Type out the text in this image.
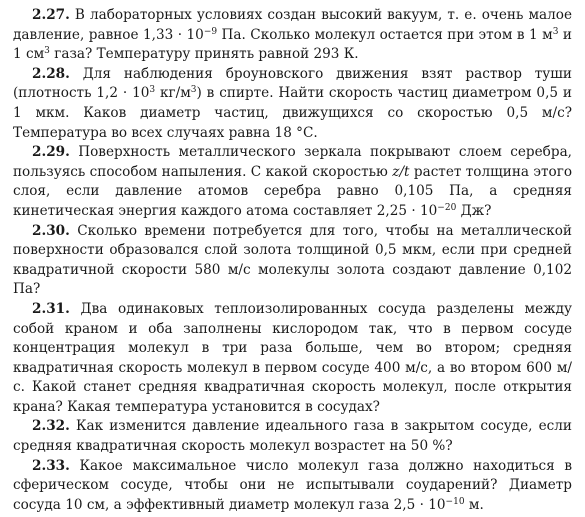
2.27. В лабораторных условиях создан высокий вакуум, т. е. очень малое давление, равное $1,33 \cdot 10^{-9}$ Па. Сколько молекул остается при этом в 1 $м^3$ и 1 $см^3$ газа? Температуру принять равной 293 К.

2.28. Для наблюдения броуновского движения взят раствор туши (плотность $1,2 \cdot 10^3$ $кг/м^3$) в спирте. Найти скорость частиц диаметром 0,5 и 1 мкм. Каков диаметр частиц, движущихся со скоростью 0,5 м/с? Температура во всех случаях равна 18 °С.

2.29. Поверхность металлического зеркала покрывают слоем серебра, пользуясь способом напыления. С какой скоростью z/t растет толщина этого слоя, если давление атомов серебра равно 0,105 Па, а средняя кинетическая энергия каждого атома составляет $2,25 \cdot 10^{-20}$ Дж?

2.30. Сколько времени потребуется для того, чтобы на металлической поверхности образовался слой золота толщиной 0,5 мкм, если при средней квадратичной скорости 580 м/с молекулы золота создают давление 0,102 Па?

2.31. Два одинаковых теплоизолированных сосуда разделены между собой краном и оба заполнены кислородом так, что в первом сосуде концентрация молекул в три раза больше, чем во втором; средняя квадратичная скорость молекул в первом сосуде 400 м/с, а во втором 600 м/с. Какой станет средняя квадратичная скорость молекул, после открытия крана? Какая температура установится в сосудах?

2.32. Как изменится давление идеального газа в закрытом сосуде, если средняя квадратичная скорость молекул возрастет на 50 %?

2.33. Какое максимальное число молекул газа должно находиться в сферическом сосуде, чтобы они не испытывали соударений? Диаметр сосуда 10 см, а эффективный диаметр молекул газа $2,5 \cdot 10^{-10}$ м.
